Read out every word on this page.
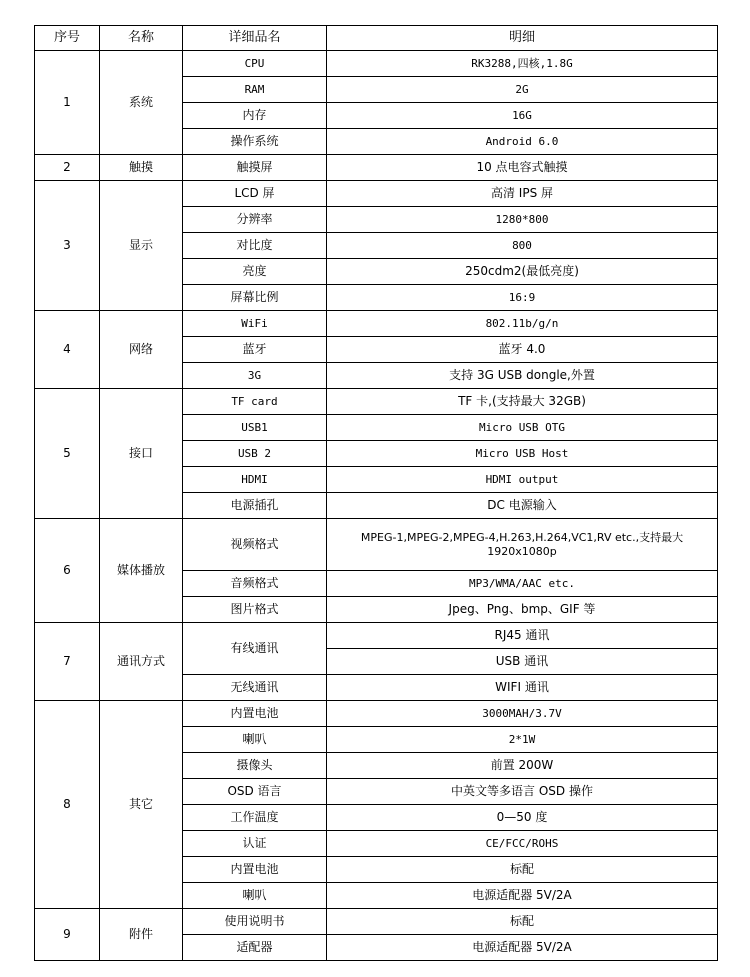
序号	名称	详细品名	明细
1	系统	CPU	RK3288,四核,1.8G
		RAM	2G
		内存	16G
		操作系统	Android 6.0
2	触摸	触摸屏	10 点电容式触摸
3	显示	LCD 屏	高清 IPS 屏
		分辨率	1280*800
		对比度	800
		亮度	250cdm2(最低亮度)
		屏幕比例	16:9
4	网络	WiFi	802.11b/g/n
		蓝牙	蓝牙 4.0
		3G	支持 3G USB dongle,外置
5	接口	TF card	TF 卡,(支持最大 32GB)
		USB1	Micro USB OTG
		USB 2	Micro USB Host
		HDMI	HDMI output
		电源插孔	DC 电源输入
6	媒体播放	视频格式	MPEG-1,MPEG-2,MPEG-4,H.263,H.264,VC1,RV etc.,支持最大 1920x1080p
		音频格式	MP3/WMA/AAC etc.
		图片格式	Jpeg、Png、bmp、GIF 等
7	通讯方式	有线通讯	RJ45 通讯
			USB 通讯
		无线通讯	WIFI 通讯
8	其它	内置电池	3000MAH/3.7V
		喇叭	2*1W
		摄像头	前置 200W
		OSD 语言	中英文等多语言 OSD 操作
		工作温度	0—50 度
		认证	CE/FCC/ROHS
		内置电池	标配
		喇叭	电源适配器 5V/2A
9	附件	使用说明书	标配
		适配器	电源适配器 5V/2A
